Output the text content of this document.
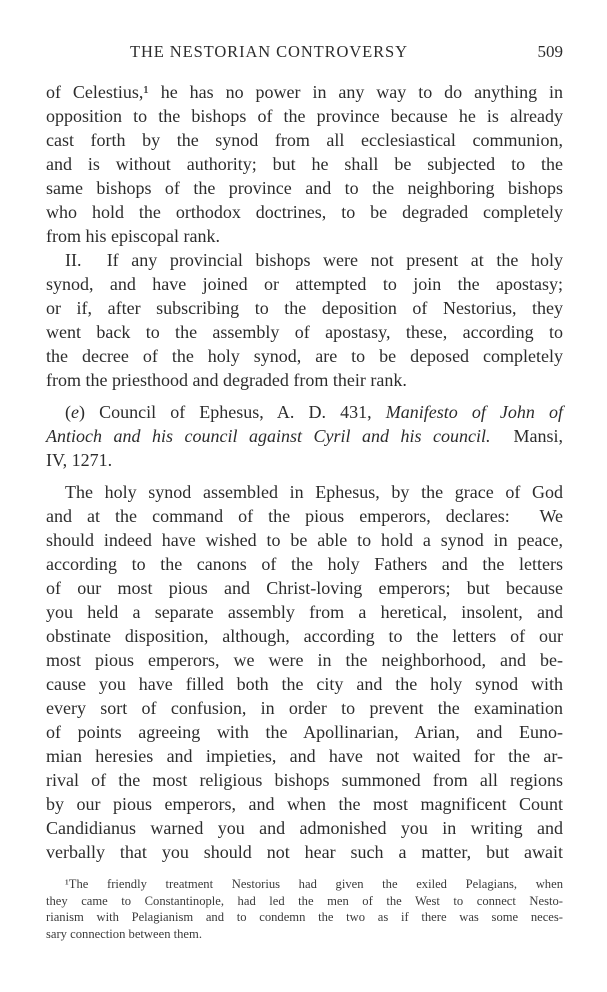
THE NESTORIAN CONTROVERSY	509
of Celestius,¹ he has no power in any way to do anything in
opposition to the bishops of the province because he is already
cast forth by the synod from all ecclesiastical communion,
and is without authority; but he shall be subjected to the
same bishops of the province and to the neighboring bishops
who hold the orthodox doctrines, to be degraded completely
from his episcopal rank.
II.  If any provincial bishops were not present at the holy
synod, and have joined or attempted to join the apostasy;
or if, after subscribing to the deposition of Nestorius, they
went back to the assembly of apostasy, these, according to
the decree of the holy synod, are to be deposed completely
from the priesthood and degraded from their rank.
(e) Council of Ephesus, A. D. 431, Manifesto of John of
Antioch and his council against Cyril and his council.  Mansi,
IV, 1271.
The holy synod assembled in Ephesus, by the grace of God
and at the command of the pious emperors, declares:  We
should indeed have wished to be able to hold a synod in peace,
according to the canons of the holy Fathers and the letters
of our most pious and Christ-loving emperors; but because
you held a separate assembly from a heretical, insolent, and
obstinate disposition, although, according to the letters of our
most pious emperors, we were in the neighborhood, and be-
cause you have filled both the city and the holy synod with
every sort of confusion, in order to prevent the examination
of points agreeing with the Apollinarian, Arian, and Euno-
mian heresies and impieties, and have not waited for the ar-
rival of the most religious bishops summoned from all regions
by our pious emperors, and when the most magnificent Count
Candidianus warned you and admonished you in writing and
verbally that you should not hear such a matter, but await
¹The friendly treatment Nestorius had given the exiled Pelagians, when
they came to Constantinople, had led the men of the West to connect Nesto-
rianism with Pelagianism and to condemn the two as if there was some neces-
sary connection between them.
